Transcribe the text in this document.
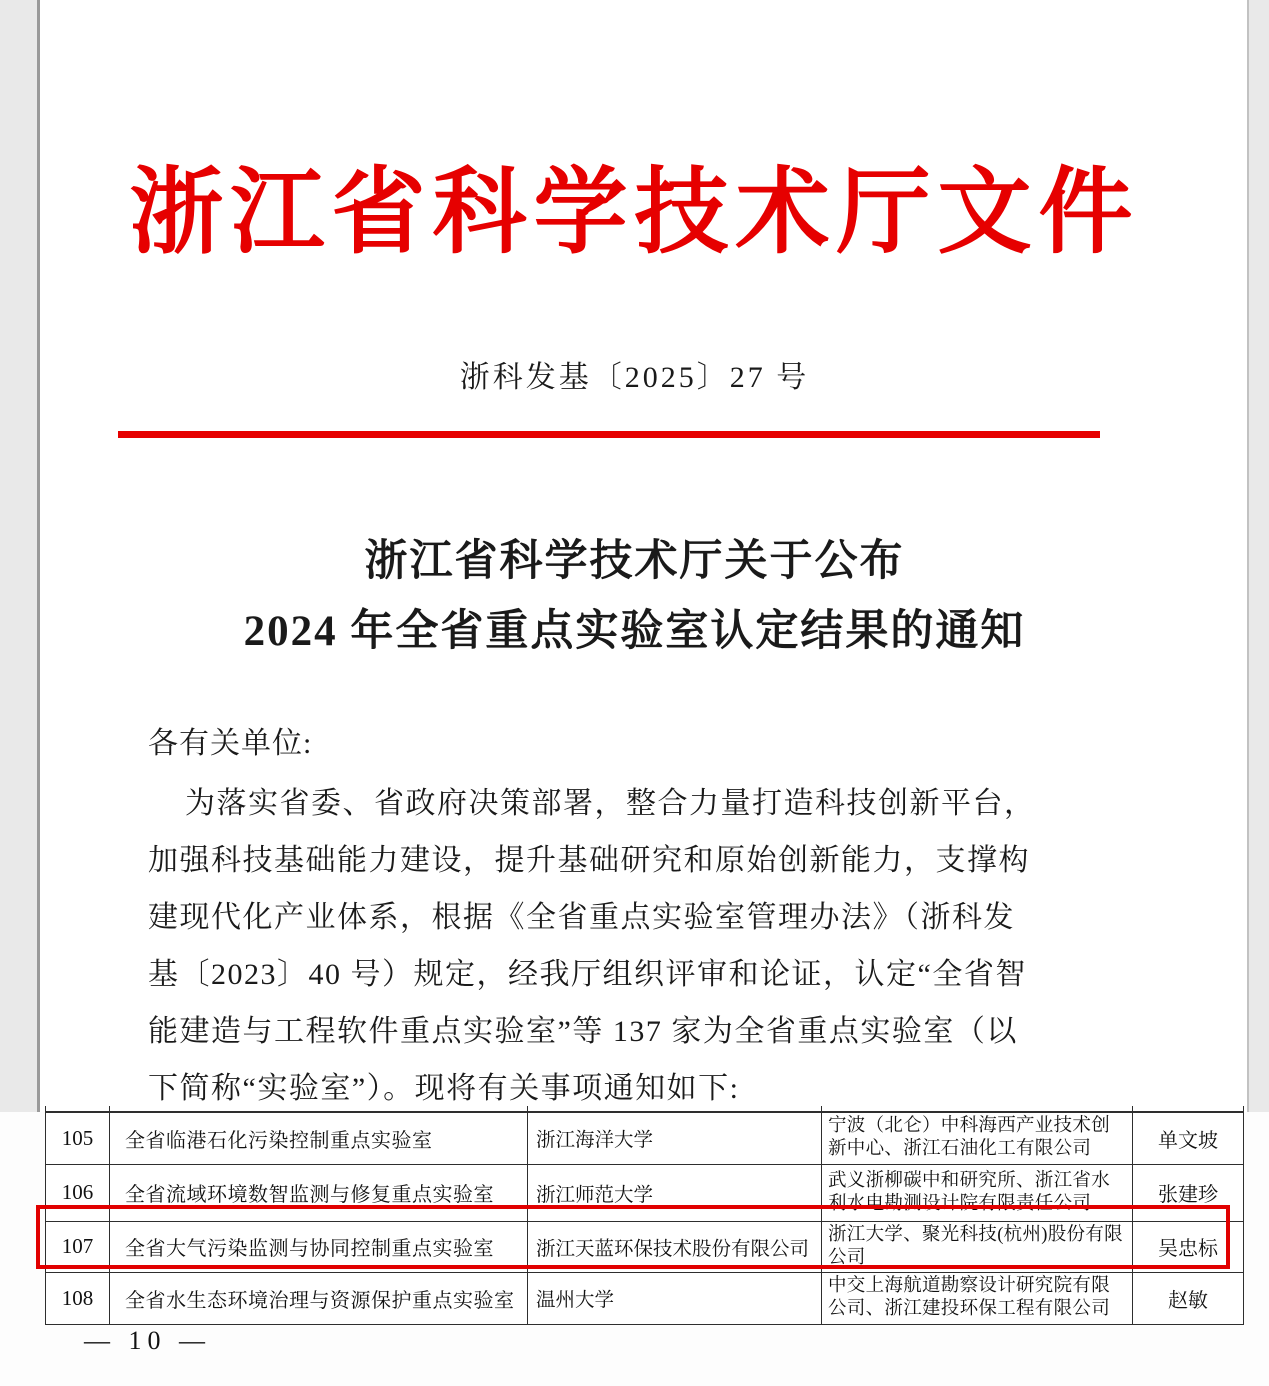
浙江省科学技术厅文件
浙科发基〔2025〕27 号
浙江省科学技术厅关于公布
2024 年全省重点实验室认定结果的通知
各有关单位:
为落实省委、省政府决策部署，整合力量打造科技创新平台，
加强科技基础能力建设，提升基础研究和原始创新能力，支撑构
建现代化产业体系，根据《全省重点实验室管理办法》（浙科发
基〔2023〕40 号）规定，经我厅组织评审和论证，认定“全省智
能建造与工程软件重点实验室”等 137 家为全省重点实验室（以
下简称“实验室”）。现将有关事项通知如下:

105	全省临港石化污染控制重点实验室	浙江海洋大学	宁波（北仑）中科海西产业技术创新中心、浙江石油化工有限公司	单文坡
106	全省流域环境数智监测与修复重点实验室	浙江师范大学	武义浙柳碳中和研究所、浙江省水利水电勘测设计院有限责任公司	张建珍
107	全省大气污染监测与协同控制重点实验室	浙江天蓝环保技术股份有限公司	浙江大学、聚光科技(杭州)股份有限公司	吴忠标
108	全省水生态环境治理与资源保护重点实验室	温州大学	中交上海航道勘察设计研究院有限公司、浙江建投环保工程有限公司	赵敏
— 10 —
